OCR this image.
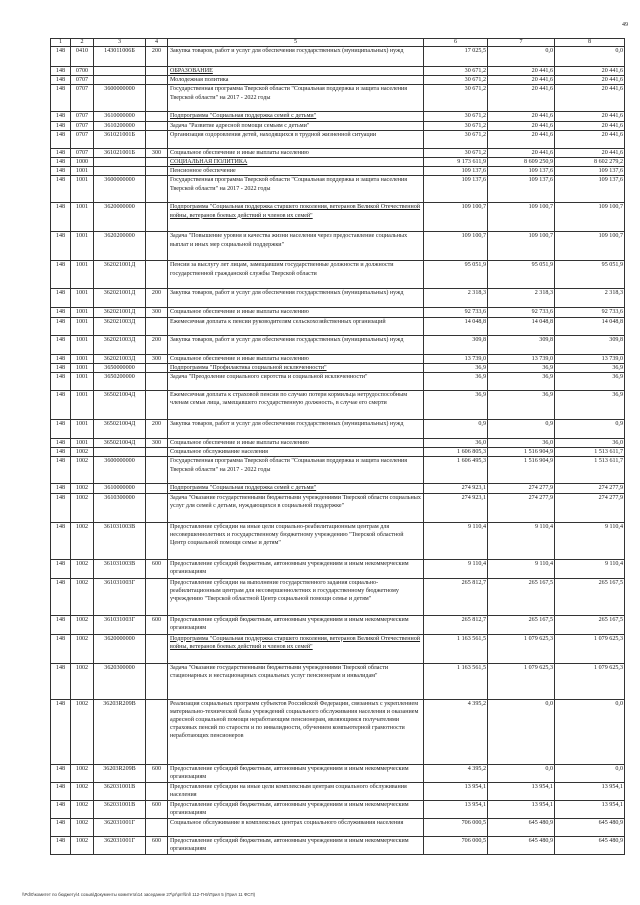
49
1	2	3	4	5	6	7	8
148	0410	143011006Б	200	Закупка товаров, работ и услуг для обеспечения государственных (муниципальных) нужд	17 025,5	0,0	0,0
148	0700			ОБРАЗОВАНИЕ	30 671,2	20 441,6	20 441,6
148	0707			Молодежная политика	30 671,2	20 441,6	20 441,6
148	0707	3600000000		Государственная программа Тверской области "Социальная поддержка и защита населения Тверской области" на 2017 - 2022 годы	30 671,2	20 441,6	20 441,6
148	0707	3610000000		Подпрограмма "Социальная поддержка семей с детьми"	30 671,2	20 441,6	20 441,6
148	0707	3610200000		Задача "Развитие адресной помощи семьям с детьми"	30 671,2	20 441,6	20 441,6
148	0707	361021001Б		Организация оздоровления детей, находящихся в трудной жизненной ситуации	30 671,2	20 441,6	20 441,6
148	0707	361021001Б	300	Социальное обеспечение и иные выплаты населению	30 671,2	20 441,6	20 441,6
148	1000			СОЦИАЛЬНАЯ ПОЛИТИКА	9 173 611,9	8 609 250,9	8 602 279,2
148	1001			Пенсионное обеспечение	109 137,6	109 137,6	109 137,6
148	1001	3600000000		Государственная программа Тверской области "Социальная поддержка и защита населения Тверской области" на 2017 - 2022 годы	109 137,6	109 137,6	109 137,6
148	1001	3620000000		Подпрограмма "Социальная поддержка старшего поколения, ветеранов Великой Отечественной войны, ветеранов боевых действий и членов их семей"	109 100,7	109 100,7	109 100,7
148	1001	3620200000		Задача "Повышение уровня и качества жизни населения через предоставление социальных выплат и иных мер социальной поддержки"	109 100,7	109 100,7	109 100,7
148	1001	362021001Д		Пенсии за выслугу лет лицам, замещавшим государственные должности и должности государственной гражданской службы Тверской области	95 051,9	95 051,9	95 051,9
148	1001	362021001Д	200	Закупка товаров, работ и услуг для обеспечения государственных (муниципальных) нужд	2 318,3	2 318,3	2 318,3
148	1001	362021001Д	300	Социальное обеспечение и иные выплаты населению	92 733,6	92 733,6	92 733,6
148	1001	362021003Д		Ежемесячная доплата к пенсии руководителям сельскохозяйственных организаций	14 048,8	14 048,8	14 048,8
148	1001	362021003Д	200	Закупка товаров, работ и услуг для обеспечения государственных (муниципальных) нужд	309,8	309,8	309,8
148	1001	362021003Д	300	Социальное обеспечение и иные выплаты населению	13 739,0	13 739,0	13 739,0
148	1001	3650000000		Подпрограмма "Профилактика социальной исключенности"	36,9	36,9	36,9
148	1001	3650200000		Задача "Преодоление социального сиротства и социальной исключенности"	36,9	36,9	36,9
148	1001	365021004Д		Ежемесячная доплата к страховой пенсии по случаю потери кормильца нетрудоспособным членам семьи лица, замещавшего государственную должность, в случае его смерти	36,9	36,9	36,9
148	1001	365021004Д	200	Закупка товаров, работ и услуг для обеспечения государственных (муниципальных) нужд	0,9	0,9	0,9
148	1001	365021004Д	300	Социальное обеспечение и иные выплаты населению	36,0	36,0	36,0
148	1002			Социальное обслуживание населения	1 606 805,3	1 516 904,9	1 513 611,7
148	1002	3600000000		Государственная программа Тверской области "Социальная поддержка и защита населения Тверской области" на 2017 - 2022 годы	1 606 495,3	1 516 904,9	1 513 611,7
148	1002	3610000000		Подпрограмма "Социальная поддержка семей с детьми"	274 923,1	274 277,9	274 277,9
148	1002	3610300000		Задача "Оказание государственными бюджетными учреждениями Тверской области социальных услуг для семей с детьми, нуждающихся в социальной поддержке"	274 923,1	274 277,9	274 277,9
148	1002	361031003В		Предоставление субсидии на иные цели социально-реабилитационным центрам для несовершеннолетних и государственному бюджетному учреждению "Тверской областной Центр социальной помощи семье и детям"	9 110,4	9 110,4	9 110,4
148	1002	361031003В	600	Предоставление субсидий бюджетным, автономным учреждениям и иным некоммерческим организациям	9 110,4	9 110,4	9 110,4
148	1002	361031003Г		Предоставление субсидии на выполнение государственного задания социально-реабилитационным центрам для несовершеннолетних и государственному бюджетному учреждению "Тверской областной Центр социальной помощи семье и детям"	265 812,7	265 167,5	265 167,5
148	1002	361031003Г	600	Предоставление субсидий бюджетным, автономным учреждениям и иным некоммерческим организациям	265 812,7	265 167,5	265 167,5
148	1002	3620000000		Подпрограмма "Социальная поддержка старшего поколения, ветеранов Великой Отечественной войны, ветеранов боевых действий и членов их семей"	1 163 561,5	1 079 625,3	1 079 625,3
148	1002	3620300000		Задача "Оказание государственными бюджетными учреждениями Тверской области стационарных и нестационарных социальных услуг пенсионерам и инвалидам"	1 163 561,5	1 079 625,3	1 079 625,3
148	1002	36203R209B		Реализация социальных программ субъектов Российской Федерации, связанных с укреплением материально-технической базы учреждений социального обслуживания населения и оказанием адресной социальной помощи неработающим пенсионерам, являющимся получателями страховых пенсий по старости и по инвалидности, обучением компьютерной грамотности неработающих пенсионеров	4 395,2	0,0	0,0
148	1002	36203R209B	600	Предоставление субсидий бюджетным, автономным учреждениям и иным некоммерческим организациям	4 395,2	0,0	0,0
148	1002	362031001B		Предоставление субсидии на иные цели комплексным центрам социального обслуживания населения	13 954,1	13 954,1	13 954,1
148	1002	362031001B	600	Предоставление субсидий бюджетным, автономным учреждениям и иным некоммерческим организациям	13 954,1	13 954,1	13 954,1
148	1002	362031001Г		Социальное обслуживание в комплексных центрах социального обслуживания населения	706 000,5	645 480,9	645 480,9
148	1002	362031001Г	600	Предоставление субсидий бюджетным, автономным учреждениям и иным некоммерческим организациям	706 000,5	645 480,9	645 480,9
\\Pd\0\комитет по бюджету\4 созыв\Документы комитета\14 заседание 27\pr\prr\\lnl\ 112-П-Б\Прил 5 (Прил 11 ФСП)
